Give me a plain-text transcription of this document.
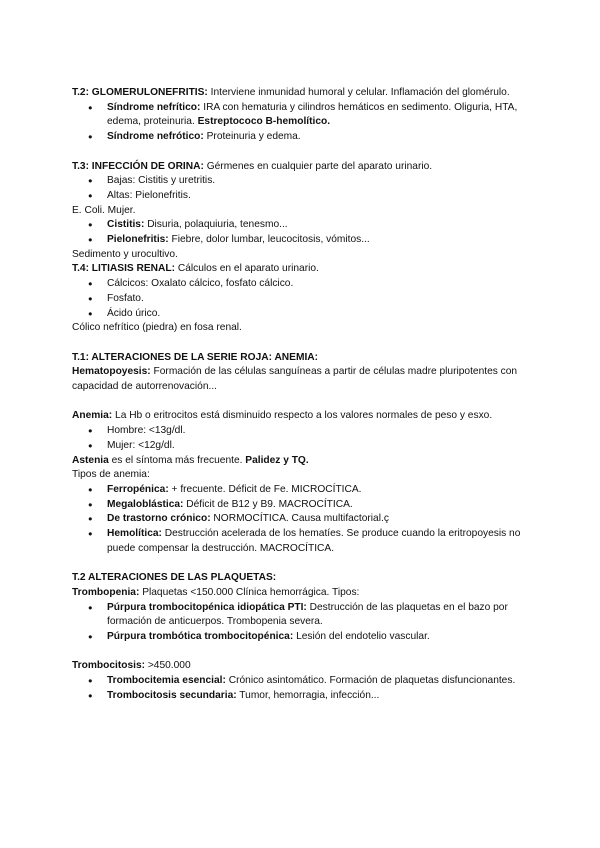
T.2: GLOMERULONEFRITIS: Interviene inmunidad humoral y celular. Inflamación del glomérulo.

● Síndrome nefrítico: IRA con hematuria y cilindros hemáticos en sedimento. Oliguria, HTA, edema, proteinuria. Estreptococo B-hemolítico.
● Síndrome nefrótico: Proteinuria y edema.

T.3: INFECCIÓN DE ORINA: Gérmenes en cualquier parte del aparato urinario.

● Bajas: Cistitis y uretritis.
● Altas: Pielonefritis.

E. Coli. Mujer.

● Cistitis: Disuria, polaquiuria, tenesmo...
● Pielonefritis: Fiebre, dolor lumbar, leucocitosis, vómitos...

Sedimento y urocultivo.

T.4: LITIASIS RENAL: Cálculos en el aparato urinario.

● Cálcicos: Oxalato cálcico, fosfato cálcico.
● Fosfato.
● Ácido úrico.

Cólico nefrítico (piedra) en fosa renal.

T.1: ALTERACIONES DE LA SERIE ROJA: ANEMIA:

Hematopoyesis: Formación de las células sanguíneas a partir de células madre pluripotentes con capacidad de autorrenovación...

Anemia: La Hb o eritrocitos está disminuido respecto a los valores normales de peso y esxo.

● Hombre: <13g/dl.
● Mujer: <12g/dl.

Astenia es el síntoma más frecuente. Palidez y TQ.

Tipos de anemia:

● Ferropénica: + frecuente. Déficit de Fe. MICROCÍTICA.
● Megaloblástica: Déficit de B12 y B9. MACROCÍTICA.
● De trastorno crónico: NORMOCÍTICA. Causa multifactorial.ç
● Hemolítica: Destrucción acelerada de los hematíes. Se produce cuando la eritropoyesis no puede compensar la destrucción. MACROCÍTICA.

T.2 ALTERACIONES DE LAS PLAQUETAS:

Trombopenia: Plaquetas <150.000 Clínica hemorrágica. Tipos:

● Púrpura trombocitopénica idiopática PTI: Destrucción de las plaquetas en el bazo por formación de anticuerpos. Trombopenia severa.
● Púrpura trombótica trombocitopénica: Lesión del endotelio vascular.

Trombocitosis: >450.000

● Trombocitemia esencial: Crónico asintomático. Formación de plaquetas disfuncionantes.
● Trombocitosis secundaria: Tumor, hemorragia, infección...
